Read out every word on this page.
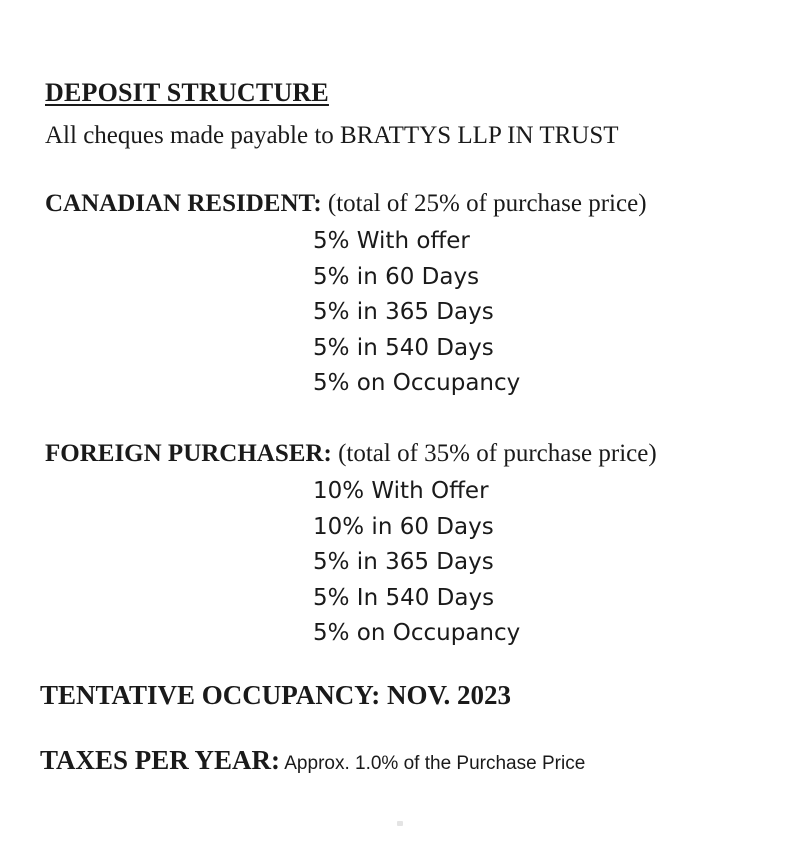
DEPOSIT STRUCTURE
All cheques made payable to BRATTYS LLP IN TRUST
CANADIAN RESIDENT: (total of 25% of purchase price)
5% With offer
5% in 60 Days
5% in 365 Days
5% in 540 Days
5% on Occupancy
FOREIGN PURCHASER: (total of 35% of purchase price)
10% With Offer
10% in 60 Days
5% in 365 Days
5% In 540 Days
5% on Occupancy
TENTATIVE OCCUPANCY: NOV. 2023
TAXES PER YEAR: Approx. 1.0% of the Purchase Price
